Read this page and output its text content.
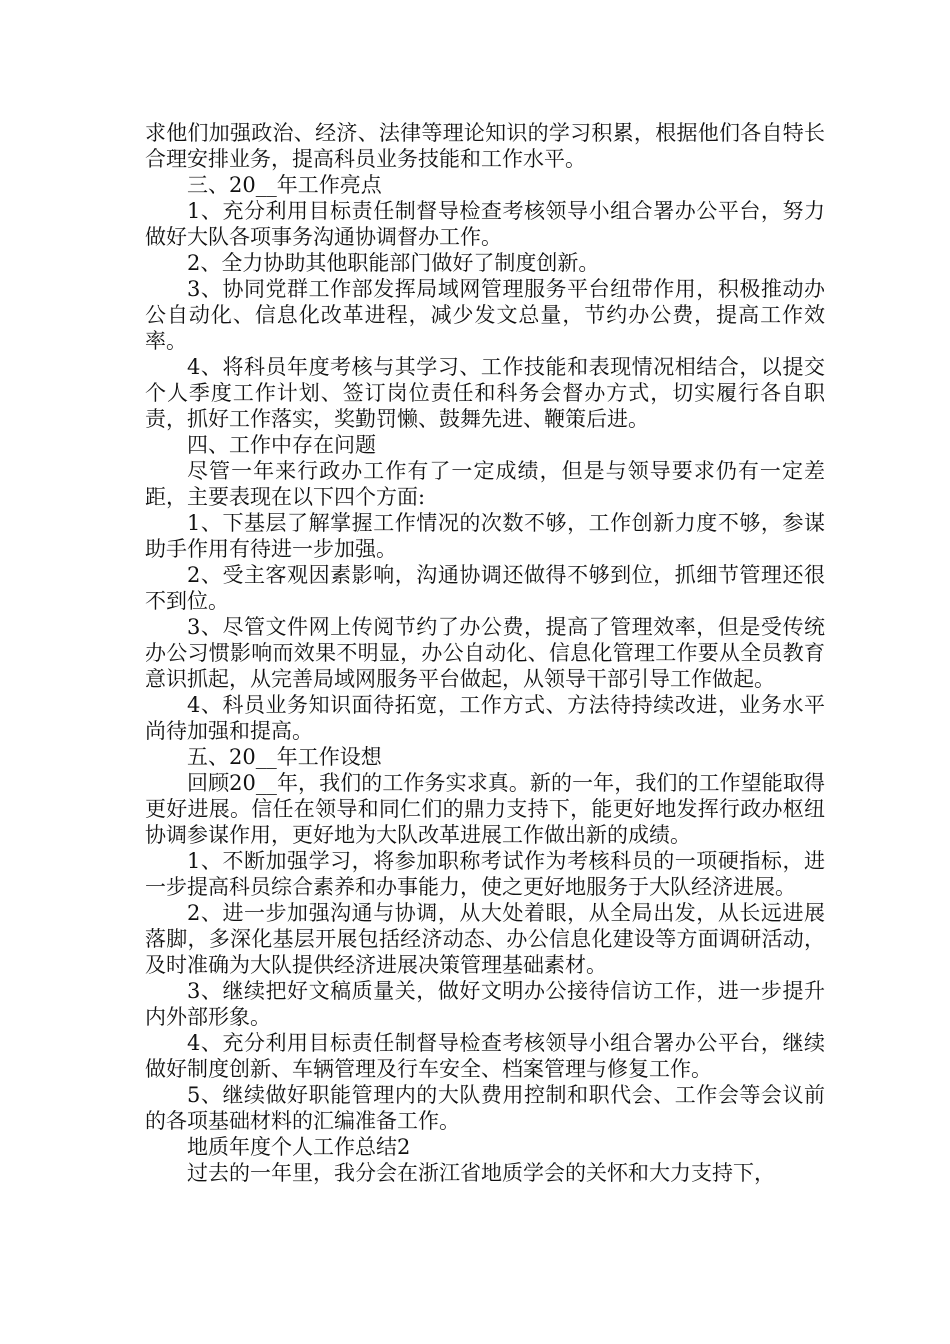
求他们加强政治、经济、法律等理论知识的学习积累，根据他们各自特长合理安排业务，提高科员业务技能和工作水平。

三、20__年工作亮点

1、充分利用目标责任制督导检查考核领导小组合署办公平台，努力做好大队各项事务沟通协调督办工作。

2、全力协助其他职能部门做好了制度创新。

3、协同党群工作部发挥局域网管理服务平台纽带作用，积极推动办公自动化、信息化改革进程，减少发文总量，节约办公费，提高工作效率。

4、将科员年度考核与其学习、工作技能和表现情况相结合，以提交个人季度工作计划、签订岗位责任和科务会督办方式，切实履行各自职责，抓好工作落实，奖勤罚懒、鼓舞先进、鞭策后进。

四、工作中存在问题

尽管一年来行政办工作有了一定成绩，但是与领导要求仍有一定差距，主要表现在以下四个方面:

1、下基层了解掌握工作情况的次数不够，工作创新力度不够，参谋助手作用有待进一步加强。

2、受主客观因素影响，沟通协调还做得不够到位，抓细节管理还很不到位。

3、尽管文件网上传阅节约了办公费，提高了管理效率，但是受传统办公习惯影响而效果不明显，办公自动化、信息化管理工作要从全员教育意识抓起，从完善局域网服务平台做起，从领导干部引导工作做起。

4、科员业务知识面待拓宽，工作方式、方法待持续改进，业务水平尚待加强和提高。

五、20__年工作设想

回顾20__年，我们的工作务实求真。新的一年，我们的工作望能取得更好进展。信任在领导和同仁们的鼎力支持下，能更好地发挥行政办枢纽协调参谋作用，更好地为大队改革进展工作做出新的成绩。

1、不断加强学习，将参加职称考试作为考核科员的一项硬指标，进一步提高科员综合素养和办事能力，使之更好地服务于大队经济进展。

2、进一步加强沟通与协调，从大处着眼，从全局出发，从长远进展落脚，多深化基层开展包括经济动态、办公信息化建设等方面调研活动，及时准确为大队提供经济进展决策管理基础素材。

3、继续把好文稿质量关，做好文明办公接待信访工作，进一步提升内外部形象。

4、充分利用目标责任制督导检查考核领导小组合署办公平台，继续做好制度创新、车辆管理及行车安全、档案管理与修复工作。

5、继续做好职能管理内的大队费用控制和职代会、工作会等会议前的各项基础材料的汇编准备工作。

地质年度个人工作总结2

过去的一年里，我分会在浙江省地质学会的关怀和大力支持下，
